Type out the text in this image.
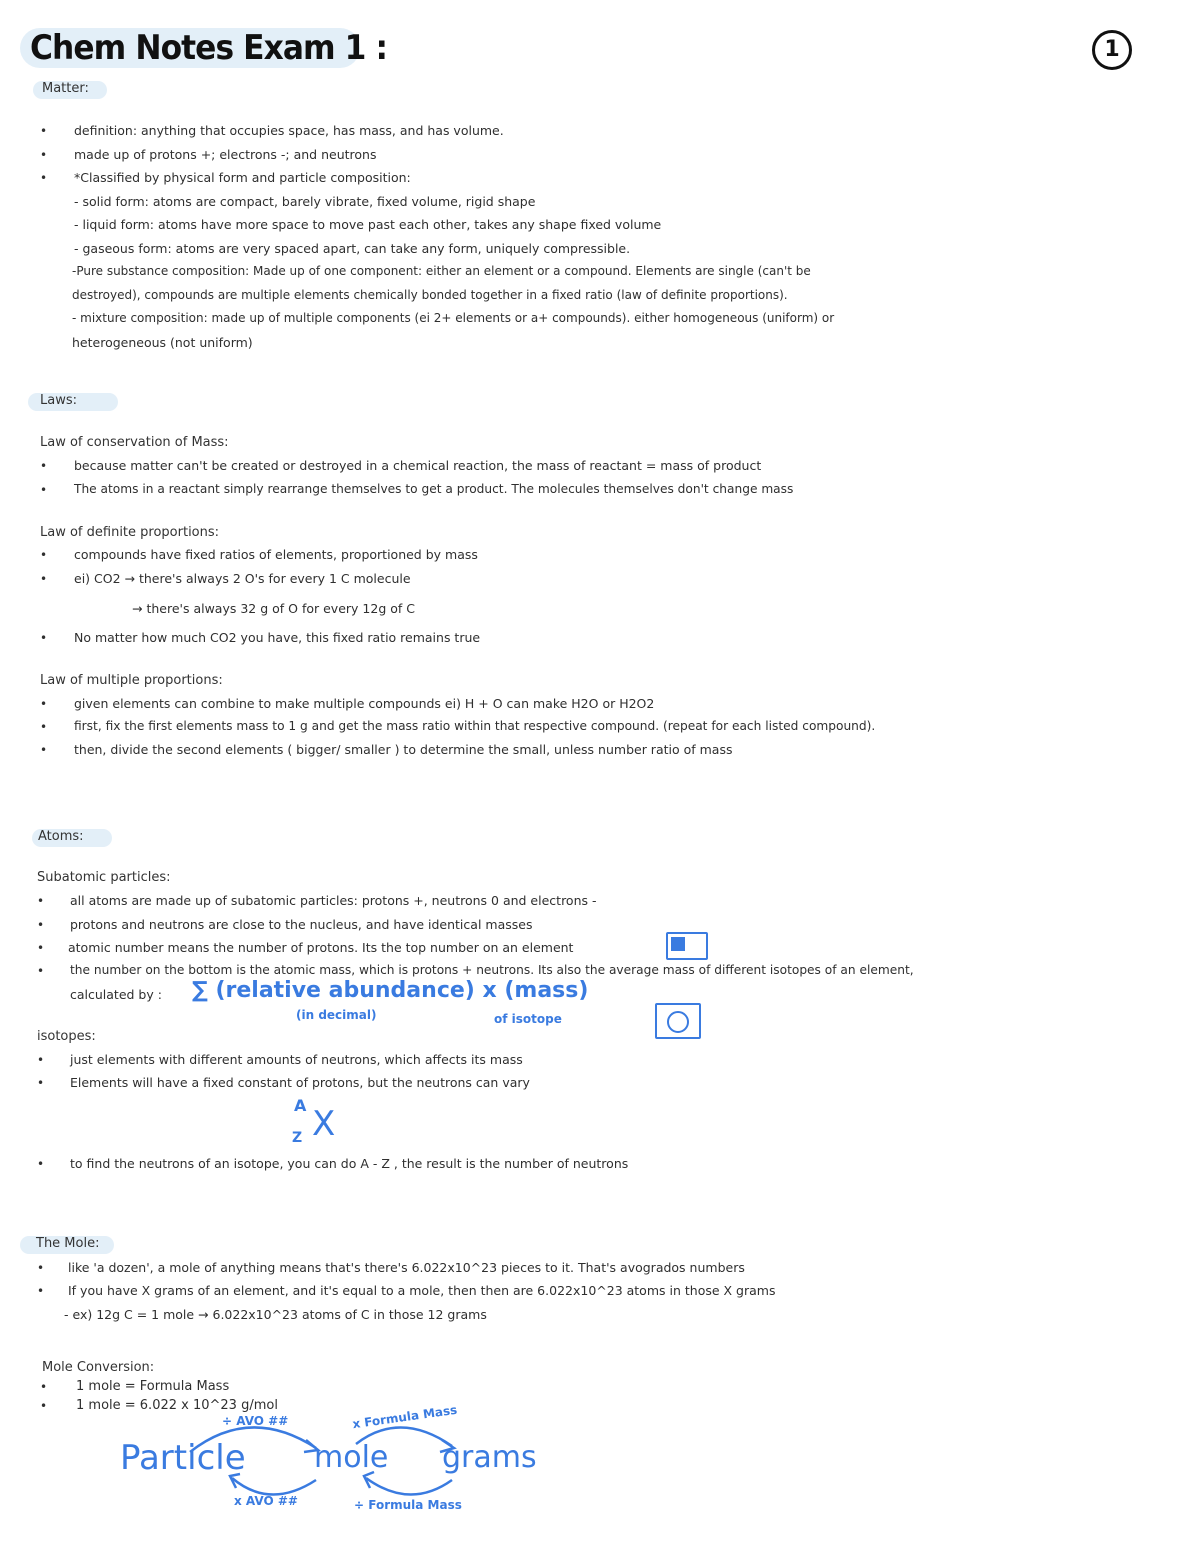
Chem Notes Exam 1 :	1
Matter:
• definition: anything that occupies space, has mass, and has volume.
• made up of protons +; electrons -; and neutrons
• *Classified by physical form and particle composition:
- solid form: atoms are compact, barely vibrate, fixed volume, rigid shape
- liquid form: atoms have more space to move past each other, takes any shape fixed volume
- gaseous form: atoms are very spaced apart, can take any form, uniquely compressible.
-Pure substance composition: Made up of one component: either an element or a compound. Elements are single (can't be
destroyed), compounds are multiple elements chemically bonded together in a fixed ratio (law of definite proportions).
- mixture composition: made up of multiple components (ei 2+ elements or a+ compounds). either homogeneous (uniform) or
heterogeneous (not uniform)
Laws:
Law of conservation of Mass:
• because matter can't be created or destroyed in a chemical reaction, the mass of reactant = mass of product
• The atoms in a reactant simply rearrange themselves to get a product. The molecules themselves don't change mass
Law of definite proportions:
• compounds have fixed ratios of elements, proportioned by mass
• ei) CO2 → there's always 2 O's for every 1 C molecule
→ there's always 32 g of O for every 12g of C
• No matter how much CO2 you have, this fixed ratio remains true
Law of multiple proportions:
• given elements can combine to make multiple compounds ei) H + O can make H2O or H2O2
• first, fix the first elements mass to 1 g and get the mass ratio within that respective compound. (repeat for each listed compound).
• then, divide the second elements ( bigger/ smaller ) to determine the small, unless number ratio of mass
Atoms:
Subatomic particles:
• all atoms are made up of subatomic particles: protons +, neutrons 0 and electrons -
• protons and neutrons are close to the nucleus, and have identical masses
• atomic number means the number of protons. Its the top number on an element
• the number on the bottom is the atomic mass, which is protons + neutrons. Its also the average mass of different isotopes of an element,
calculated by : ∑ (relative abundance) x (mass)
(in decimal)	of isotope
isotopes:
• just elements with different amounts of neutrons, which affects its mass
• Elements will have a fixed constant of protons, but the neutrons can vary
A
Z X
• to find the neutrons of an isotope, you can do A - Z , the result is the number of neutrons
The Mole:
• like 'a dozen', a mole of anything means that's there's 6.022x10^23 pieces to it. That's avogrados numbers
• If you have X grams of an element, and it's equal to a mole, then then are 6.022x10^23 atoms in those X grams
- ex) 12g C = 1 mole → 6.022x10^23 atoms of C in those 12 grams
Mole Conversion:
• 1 mole = Formula Mass
• 1 mole = 6.022 x 10^23 g/mol
Particle mole grams
÷ AVO ##	x Formula Mass
x AVO ##	÷ Formula Mass
